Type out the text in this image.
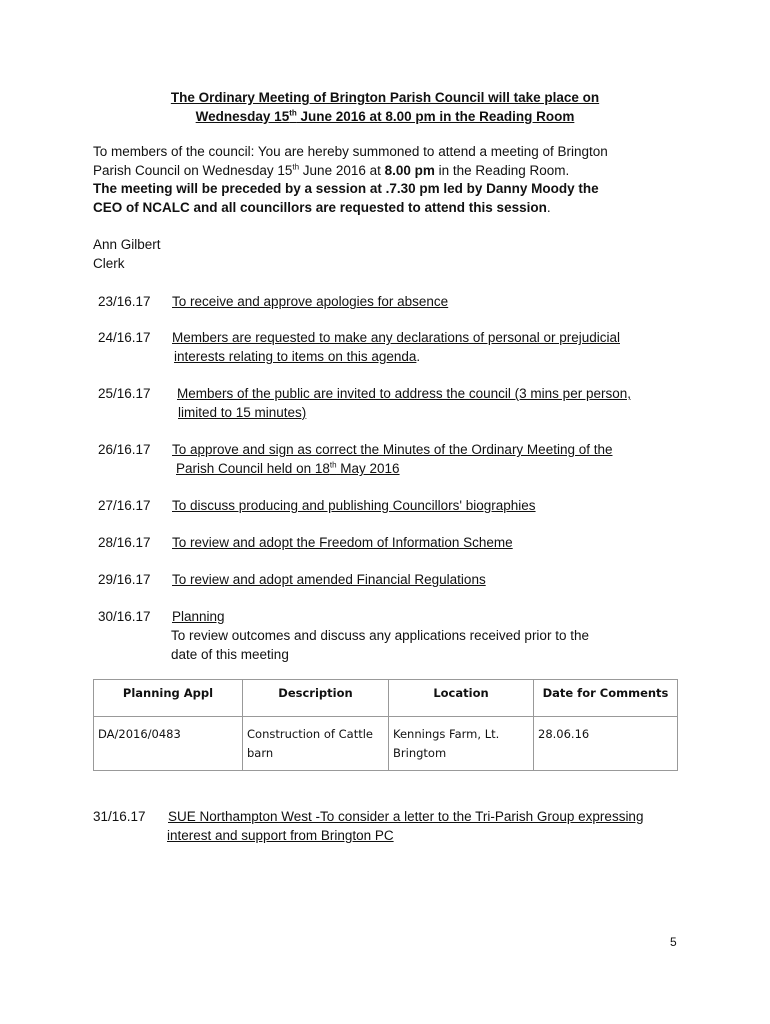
The Ordinary Meeting of Brington Parish Council will take place on
Wednesday 15th June 2016 at 8.00 pm in the Reading Room
To members of the council: You are hereby summoned to attend a meeting of Brington
Parish Council on Wednesday 15th June 2016 at 8.00 pm in the Reading Room.
The meeting will be preceded by a session at .7.30 pm led by Danny Moody the
CEO of NCALC and all councillors are requested to attend this session.
Ann Gilbert
Clerk
23/16.17 To receive and approve apologies for absence
24/16.17 Members are requested to make any declarations of personal or prejudicial
interests relating to items on this agenda.
25/16.17 Members of the public are invited to address the council (3 mins per person,
limited to 15 minutes)
26/16.17 To approve and sign as correct the Minutes of the Ordinary Meeting of the
Parish Council held on 18th May 2016
27/16.17 To discuss producing and publishing Councillors' biographies
28/16.17 To review and adopt the Freedom of Information Scheme
29/16.17 To review and adopt amended Financial Regulations
30/16.17 Planning
To review outcomes and discuss any applications received prior to the
date of this meeting
Planning Appl	Description	Location	Date for Comments
DA/2016/0483	Construction of Cattle barn	Kennings Farm, Lt. Bringtom	28.06.16
31/16.17 SUE Northampton West -To consider a letter to the Tri-Parish Group expressing
interest and support from Brington PC
5
